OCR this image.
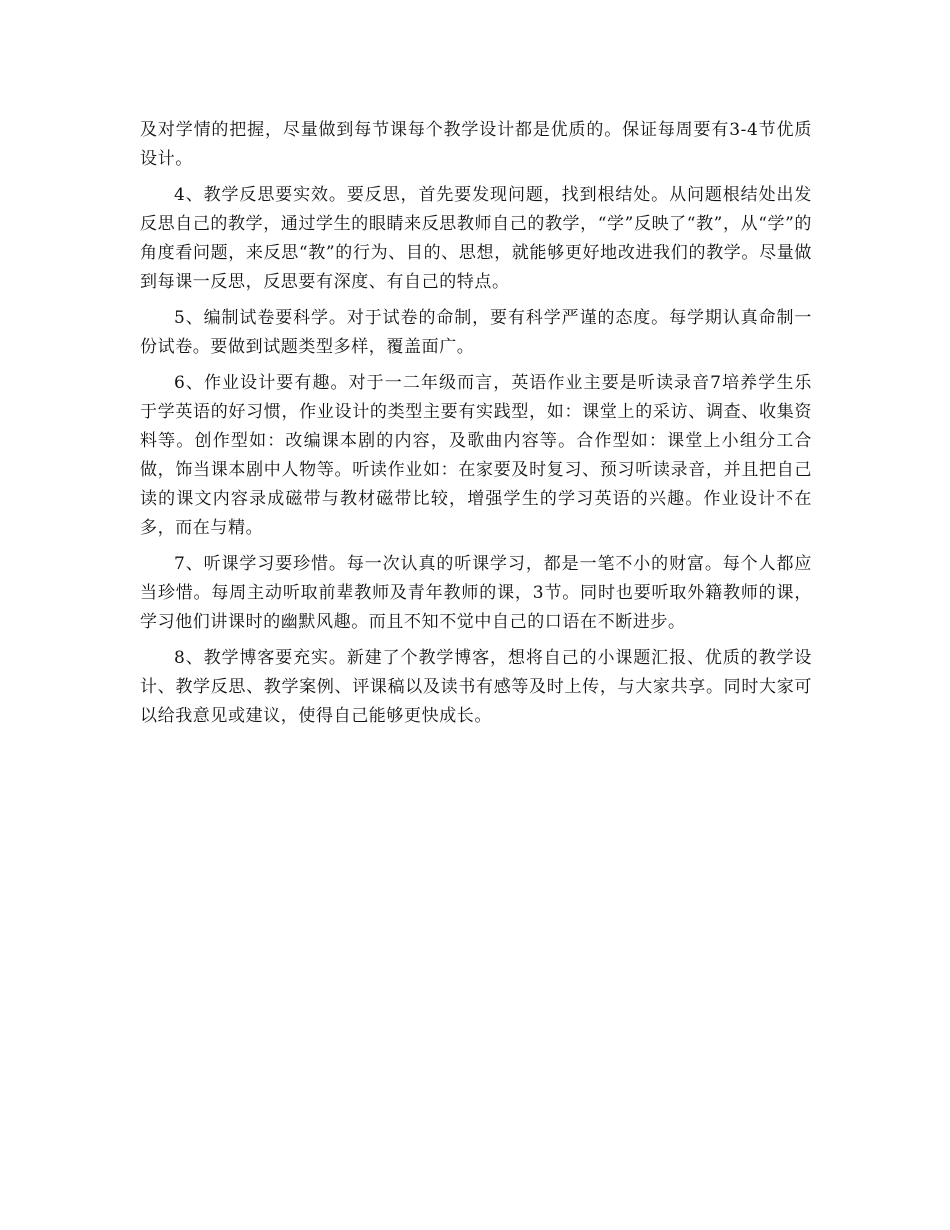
及对学情的把握，尽量做到每节课每个教学设计都是优质的。保证每周要有3-4节优质设计。

4、教学反思要实效。要反思，首先要发现问题，找到根结处。从问题根结处出发反思自己的教学，通过学生的眼睛来反思教师自己的教学，“学”反映了“教”，从“学”的角度看问题，来反思“教”的行为、目的、思想，就能够更好地改进我们的教学。尽量做到每课一反思，反思要有深度、有自己的特点。

5、编制试卷要科学。对于试卷的命制，要有科学严谨的态度。每学期认真命制一份试卷。要做到试题类型多样，覆盖面广。

6、作业设计要有趣。对于一二年级而言，英语作业主要是听读录音7培养学生乐于学英语的好习惯，作业设计的类型主要有实践型，如：课堂上的采访、调查、收集资料等。创作型如：改编课本剧的内容，及歌曲内容等。合作型如：课堂上小组分工合做，饰当课本剧中人物等。听读作业如：在家要及时复习、预习听读录音，并且把自己读的课文内容录成磁带与教材磁带比较，增强学生的学习英语的兴趣。作业设计不在多，而在与精。

7、听课学习要珍惜。每一次认真的听课学习，都是一笔不小的财富。每个人都应当珍惜。每周主动听取前辈教师及青年教师的课，3节。同时也要听取外籍教师的课，学习他们讲课时的幽默风趣。而且不知不觉中自己的口语在不断进步。

8、教学博客要充实。新建了个教学博客，想将自己的小课题汇报、优质的教学设计、教学反思、教学案例、评课稿以及读书有感等及时上传，与大家共享。同时大家可以给我意见或建议，使得自己能够更快成长。
